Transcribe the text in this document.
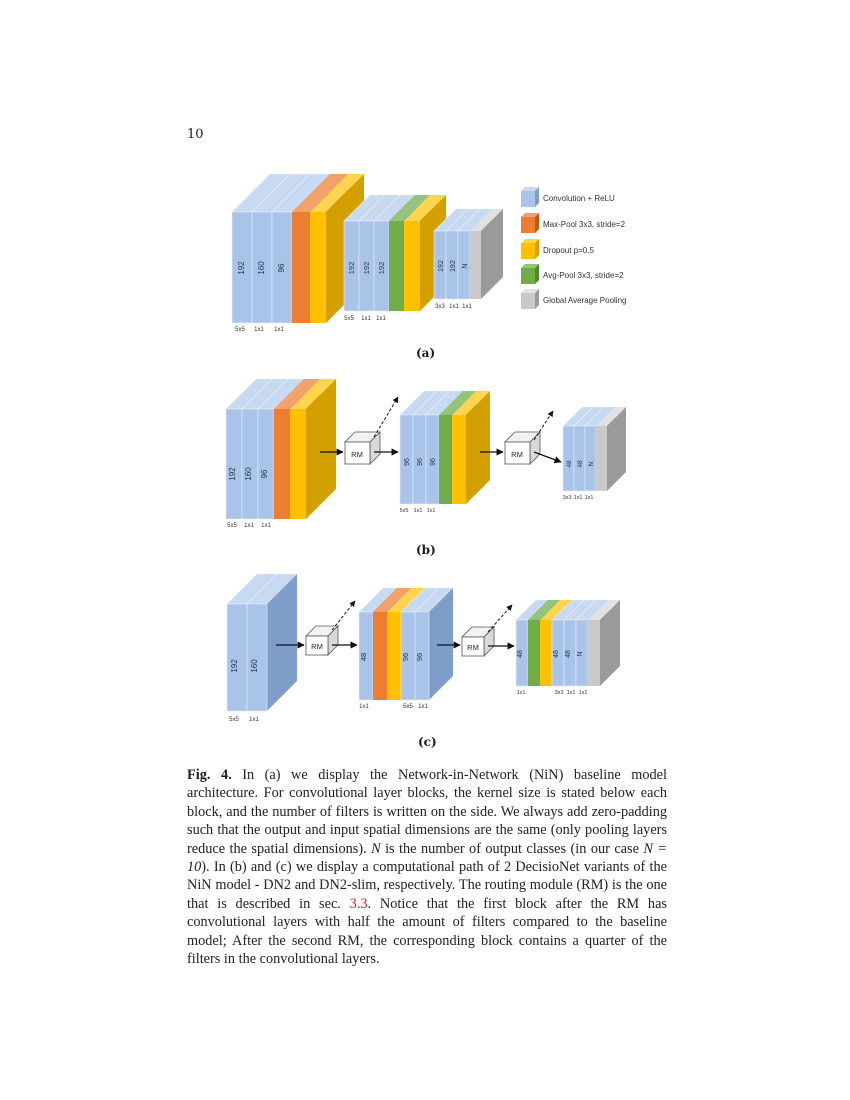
10
192 160 96	192 192 192	192 192 N
5x5 1x1 1x1
5x5 1x1 1x1
3x3 1x1 1x1
Convolution + ReLU
Max-Pool 3x3, stride=2
Dropout p=0.5
Avg-Pool 3x3, stride=2
Global Average Pooling
RM	RM
192 160 96
96 96 96	48 48 N
5x5 1x1 1x1
5x5 1x1 1x1
3x3 1x1 1x1
RM	RM
192 160
48	96 96	48	48 48 N
5x5 1x1
1x1	5x5 1x1
1x1	3x3 1x1 1x1
(a)
(b)
(c)
Fig. 4. In (a) we display the Network-in-Network (NiN) baseline model architecture. For convolutional layer blocks, the kernel size is stated below each block, and the number of filters is written on the side. We always add zero-padding such that the output and input spatial dimensions are the same (only pooling layers reduce the spatial dimensions). N is the number of output classes (in our case N = 10). In (b) and (c) we display a computational path of 2 DecisioNet variants of the NiN model - DN2 and DN2-slim, respectively. The routing module (RM) is the one that is described in sec. 3.3. Notice that the first block after the RM has convolutional layers with half the amount of filters compared to the baseline model; After the second RM, the corresponding block contains a quarter of the filters in the convolutional layers.
